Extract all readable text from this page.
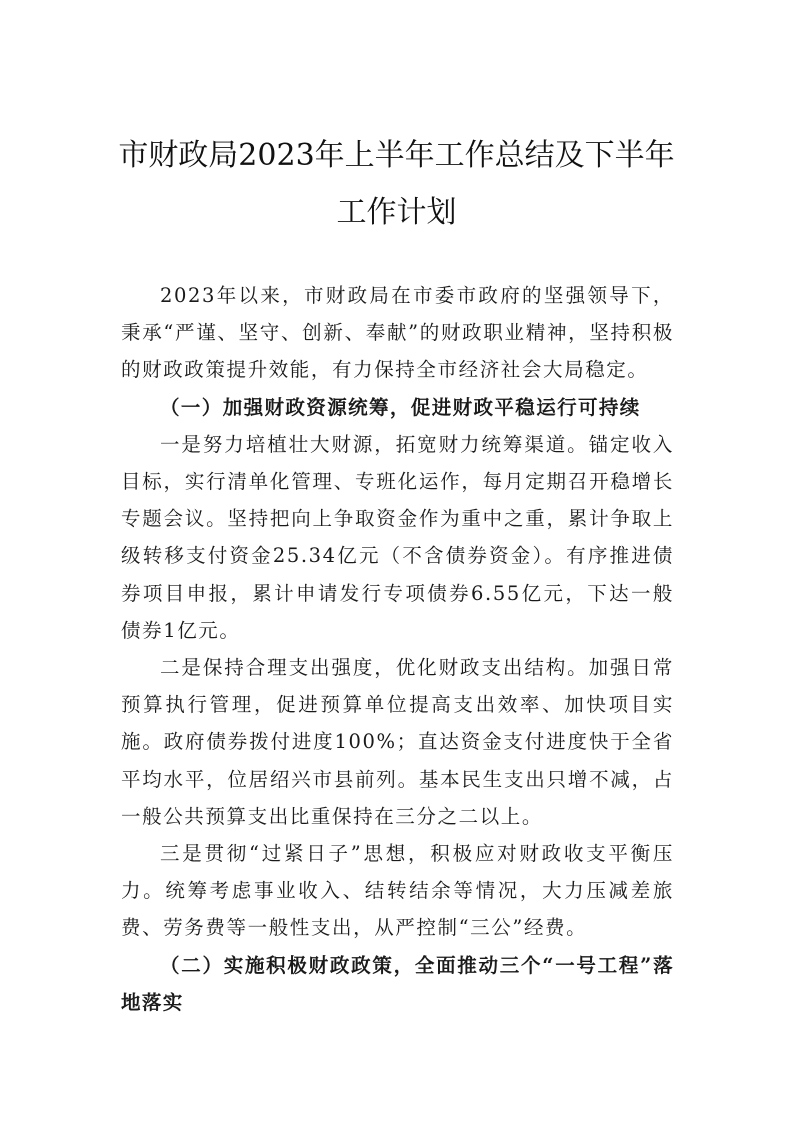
市财政局2023年上半年工作总结及下半年
工作计划

2023年以来，市财政局在市委市政府的坚强领导下，秉承“严谨、坚守、创新、奉献”的财政职业精神，坚持积极的财政政策提升效能，有力保持全市经济社会大局稳定。

（一）加强财政资源统筹，促进财政平稳运行可持续

一是努力培植壮大财源，拓宽财力统筹渠道。锚定收入目标，实行清单化管理、专班化运作，每月定期召开稳增长专题会议。坚持把向上争取资金作为重中之重，累计争取上级转移支付资金25.34亿元（不含债券资金）。有序推进债券项目申报，累计申请发行专项债券6.55亿元，下达一般债券1亿元。

二是保持合理支出强度，优化财政支出结构。加强日常预算执行管理，促进预算单位提高支出效率、加快项目实施。政府债券拨付进度100%；直达资金支付进度快于全省平均水平，位居绍兴市县前列。基本民生支出只增不减，占一般公共预算支出比重保持在三分之二以上。

三是贯彻“过紧日子”思想，积极应对财政收支平衡压力。统筹考虑事业收入、结转结余等情况，大力压减差旅费、劳务费等一般性支出，从严控制“三公”经费。

（二）实施积极财政政策，全面推动三个“一号工程”落地落实
